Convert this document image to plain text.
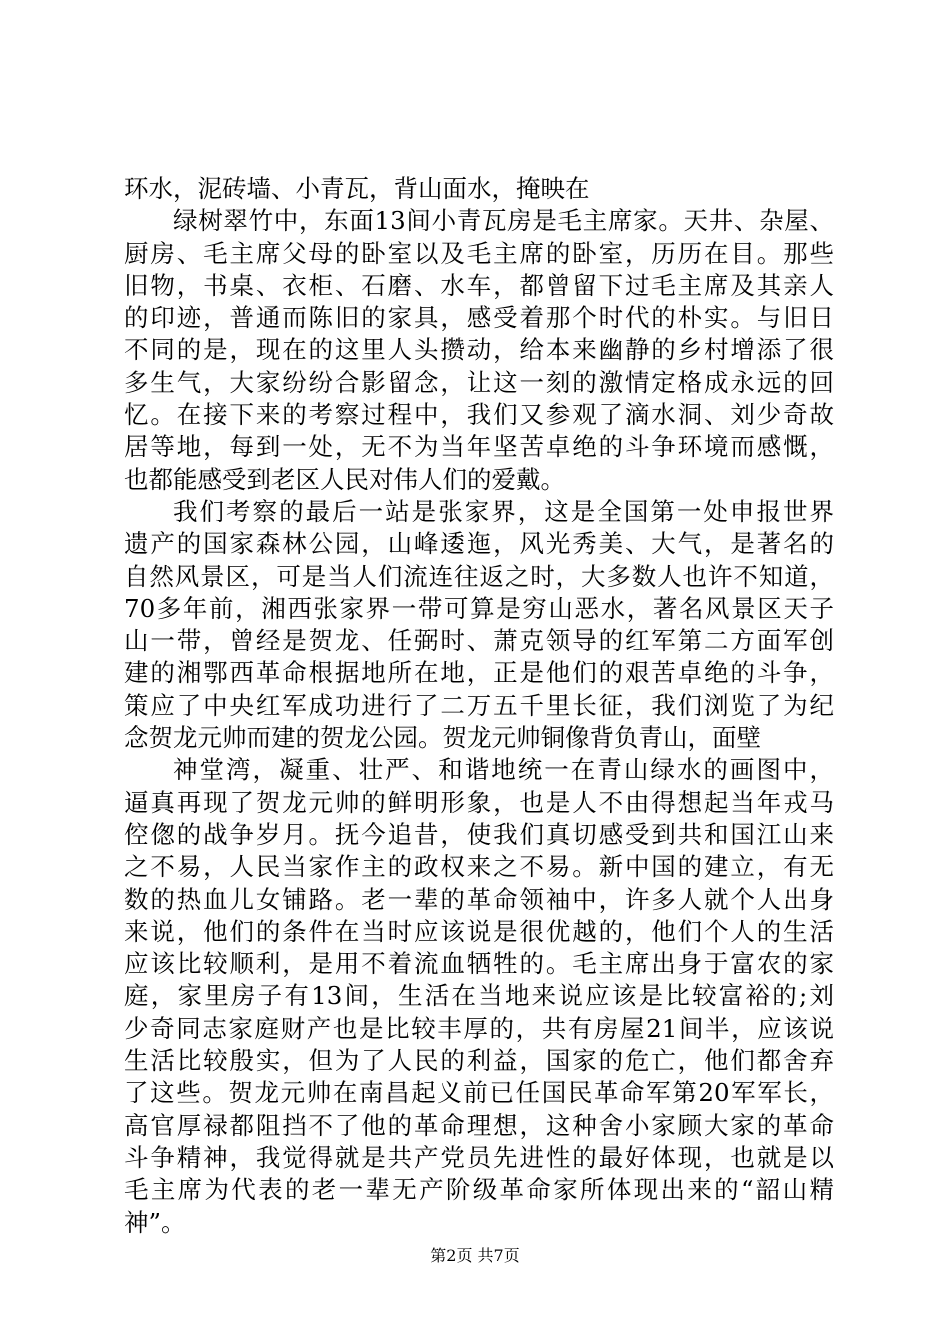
环水，泥砖墙、小青瓦，背山面水，掩映在
绿树翠竹中，东面13间小青瓦房是毛主席家。天井、杂屋、
厨房、毛主席父母的卧室以及毛主席的卧室，历历在目。那些
旧物，书桌、衣柜、石磨、水车，都曾留下过毛主席及其亲人
的印迹，普通而陈旧的家具，感受着那个时代的朴实。与旧日
不同的是，现在的这里人头攒动，给本来幽静的乡村增添了很
多生气，大家纷纷合影留念，让这一刻的激情定格成永远的回
忆。在接下来的考察过程中，我们又参观了滴水洞、刘少奇故
居等地，每到一处，无不为当年坚苦卓绝的斗争环境而感慨，
也都能感受到老区人民对伟人们的爱戴。
我们考察的最后一站是张家界，这是全国第一处申报世界
遗产的国家森林公园，山峰逶迤，风光秀美、大气，是著名的
自然风景区，可是当人们流连往返之时，大多数人也许不知道，
70多年前，湘西张家界一带可算是穷山恶水，著名风景区天子
山一带，曾经是贺龙、任弼时、萧克领导的红军第二方面军创
建的湘鄂西革命根据地所在地，正是他们的艰苦卓绝的斗争，
策应了中央红军成功进行了二万五千里长征，我们浏览了为纪
念贺龙元帅而建的贺龙公园。贺龙元帅铜像背负青山，面壁
神堂湾，凝重、壮严、和谐地统一在青山绿水的画图中，
逼真再现了贺龙元帅的鲜明形象，也是人不由得想起当年戎马
倥偬的战争岁月。抚今追昔，使我们真切感受到共和国江山来
之不易，人民当家作主的政权来之不易。新中国的建立，有无
数的热血儿女铺路。老一辈的革命领袖中，许多人就个人出身
来说，他们的条件在当时应该说是很优越的，他们个人的生活
应该比较顺利，是用不着流血牺牲的。毛主席出身于富农的家
庭，家里房子有13间，生活在当地来说应该是比较富裕的;刘
少奇同志家庭财产也是比较丰厚的，共有房屋21间半，应该说
生活比较殷实，但为了人民的利益，国家的危亡，他们都舍弃
了这些。贺龙元帅在南昌起义前已任国民革命军第20军军长，
高官厚禄都阻挡不了他的革命理想，这种舍小家顾大家的革命
斗争精神，我觉得就是共产党员先进性的最好体现，也就是以
毛主席为代表的老一辈无产阶级革命家所体现出来的“韶山精
神”。
第2页 共7页
